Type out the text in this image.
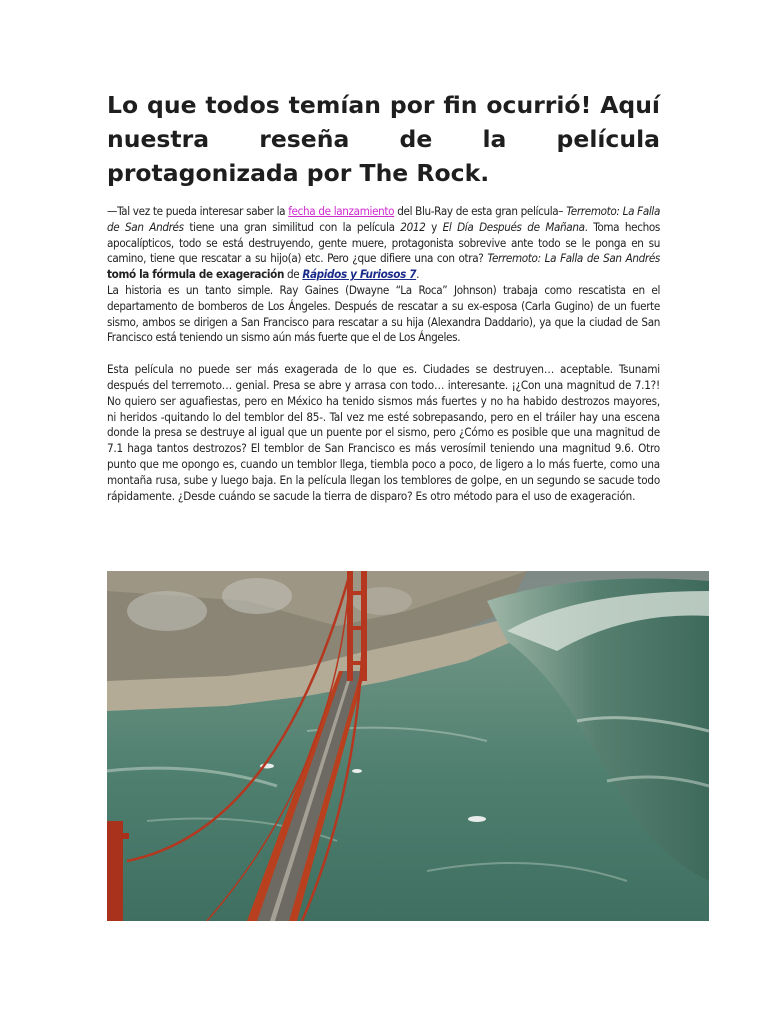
Lo que todos temían por fin ocurrió! Aquí nuestra reseña de la película protagonizada por The Rock.
—Tal vez te pueda interesar saber la fecha de lanzamiento del Blu-Ray de esta gran película– Terremoto: La Falla de San Andrés tiene una gran similitud con la película 2012 y El Día Después de Mañana. Toma hechos apocalípticos, todo se está destruyendo, gente muere, protagonista sobrevive ante todo se le ponga en su camino, tiene que rescatar a su hijo(a) etc. Pero ¿que difiere una con otra? Terremoto: La Falla de San Andrés tomó la fórmula de exageración de Rápidos y Furiosos 7.
La historia es un tanto simple. Ray Gaines (Dwayne “La Roca” Johnson) trabaja como rescatista en el departamento de bomberos de Los Ángeles. Después de rescatar a su ex-esposa (Carla Gugino) de un fuerte sismo, ambos se dirigen a San Francisco para rescatar a su hija (Alexandra Daddario), ya que la ciudad de San Francisco está teniendo un sismo aún más fuerte que el de Los Ángeles.
Esta película no puede ser más exagerada de lo que es. Ciudades se destruyen… aceptable. Tsunami después del terremoto… genial. Presa se abre y arrasa con todo… interesante. ¡¿Con una magnitud de 7.1?! No quiero ser aguafiestas, pero en México ha tenido sismos más fuertes y no ha habido destrozos mayores, ni heridos -quitando lo del temblor del 85-. Tal vez me esté sobrepasando, pero en el tráiler hay una escena donde la presa se destruye al igual que un puente por el sismo, pero ¿Cómo es posible que una magnitud de 7.1 haga tantos destrozos? El temblor de San Francisco es más verosímil teniendo una magnitud 9.6. Otro punto que me opongo es, cuando un temblor llega, tiembla poco a poco, de ligero a lo más fuerte, como una montaña rusa, sube y luego baja. En la película llegan los temblores de golpe, en un segundo se sacude todo rápidamente. ¿Desde cuándo se sacude la tierra de disparo? Es otro método para el uso de exageración.
